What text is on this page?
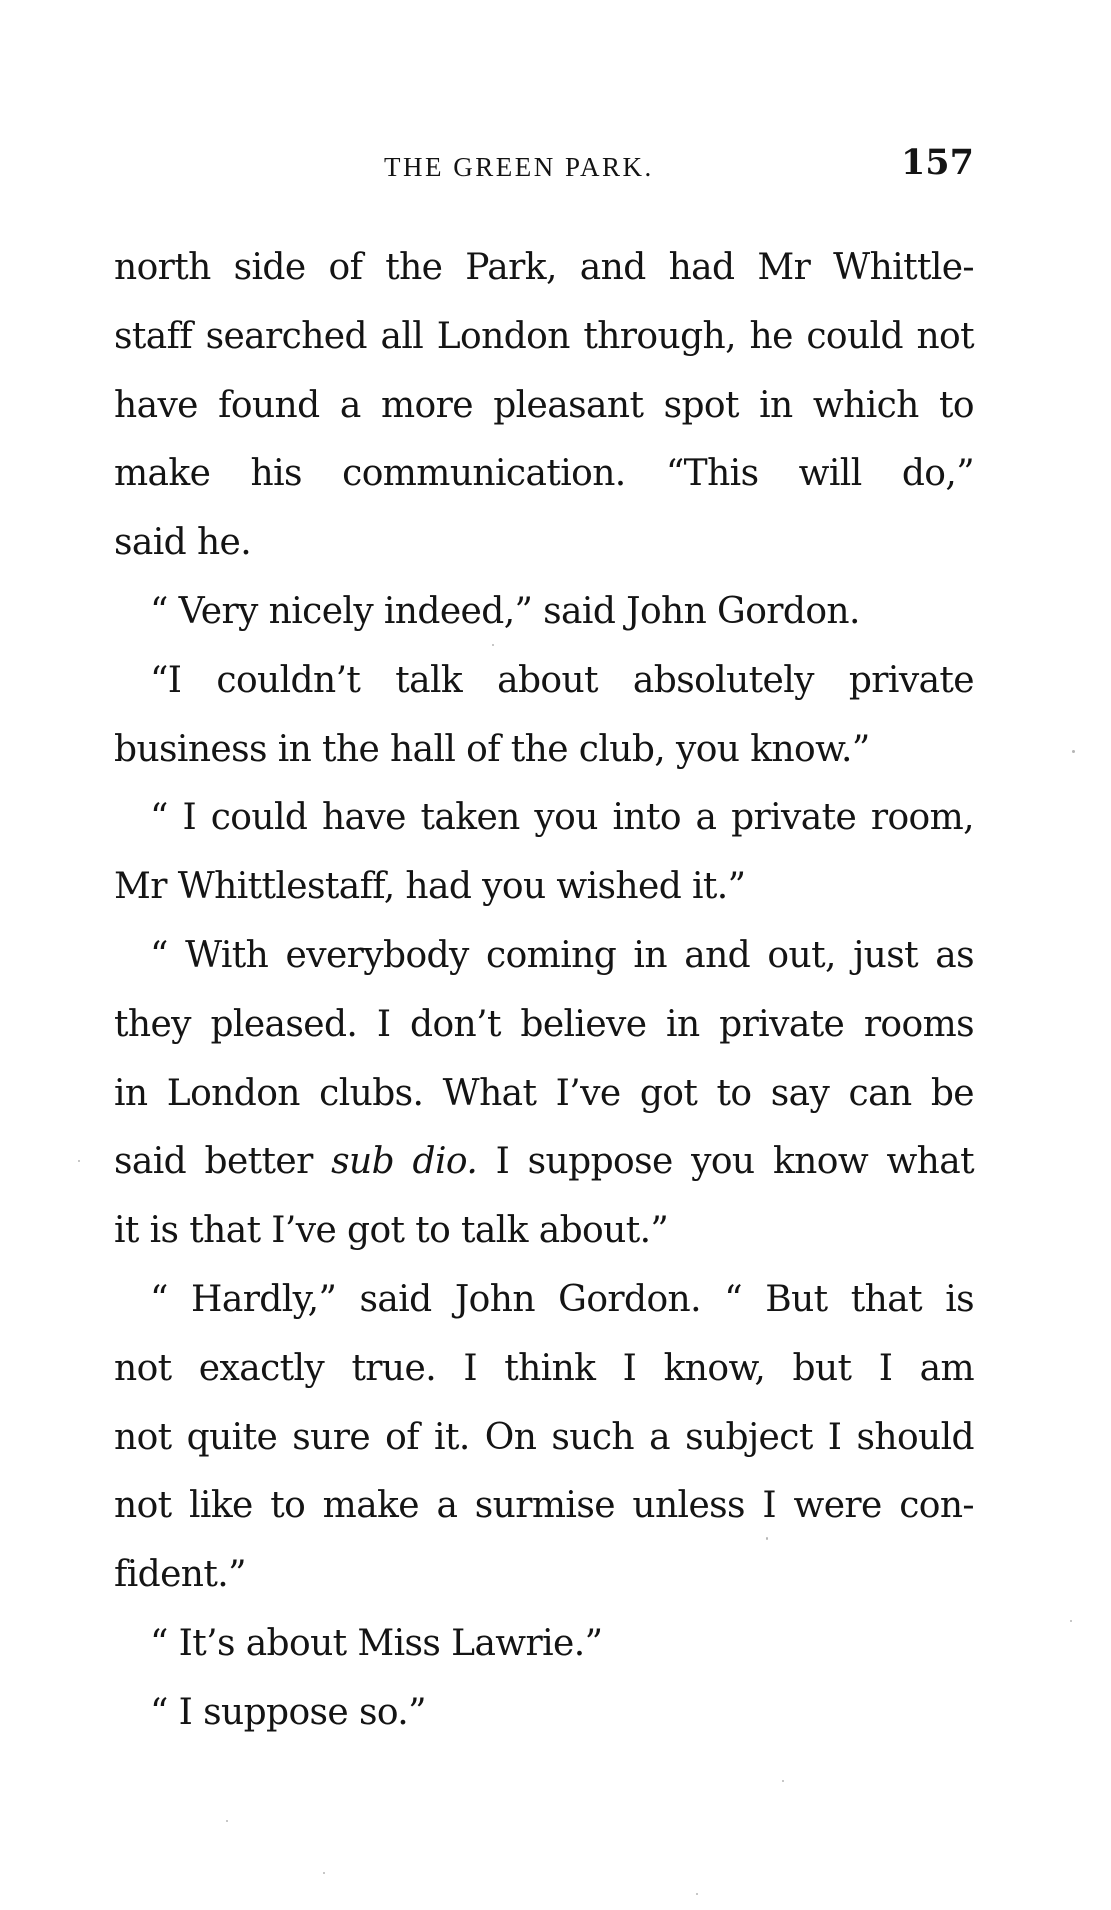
THE GREEN PARK.	157
north side of the Park, and had Mr Whittle-
staff searched all London through, he could not
have found a more pleasant spot in which to
make his communication. “This will do,”
said he.
“ Very nicely indeed,” said John Gordon.
“I couldn’t talk about absolutely private
business in the hall of the club, you know.”
“ I could have taken you into a private room,
Mr Whittlestaff, had you wished it.”
“ With everybody coming in and out, just as
they pleased. I don’t believe in private rooms
in London clubs. What I’ve got to say can be
said better sub dio. I suppose you know what
it is that I’ve got to talk about.”
“ Hardly,” said John Gordon. “ But that is
not exactly true. I think I know, but I am
not quite sure of it. On such a subject I should
not like to make a surmise unless I were con-
fident.”
“ It’s about Miss Lawrie.”
“ I suppose so.”
